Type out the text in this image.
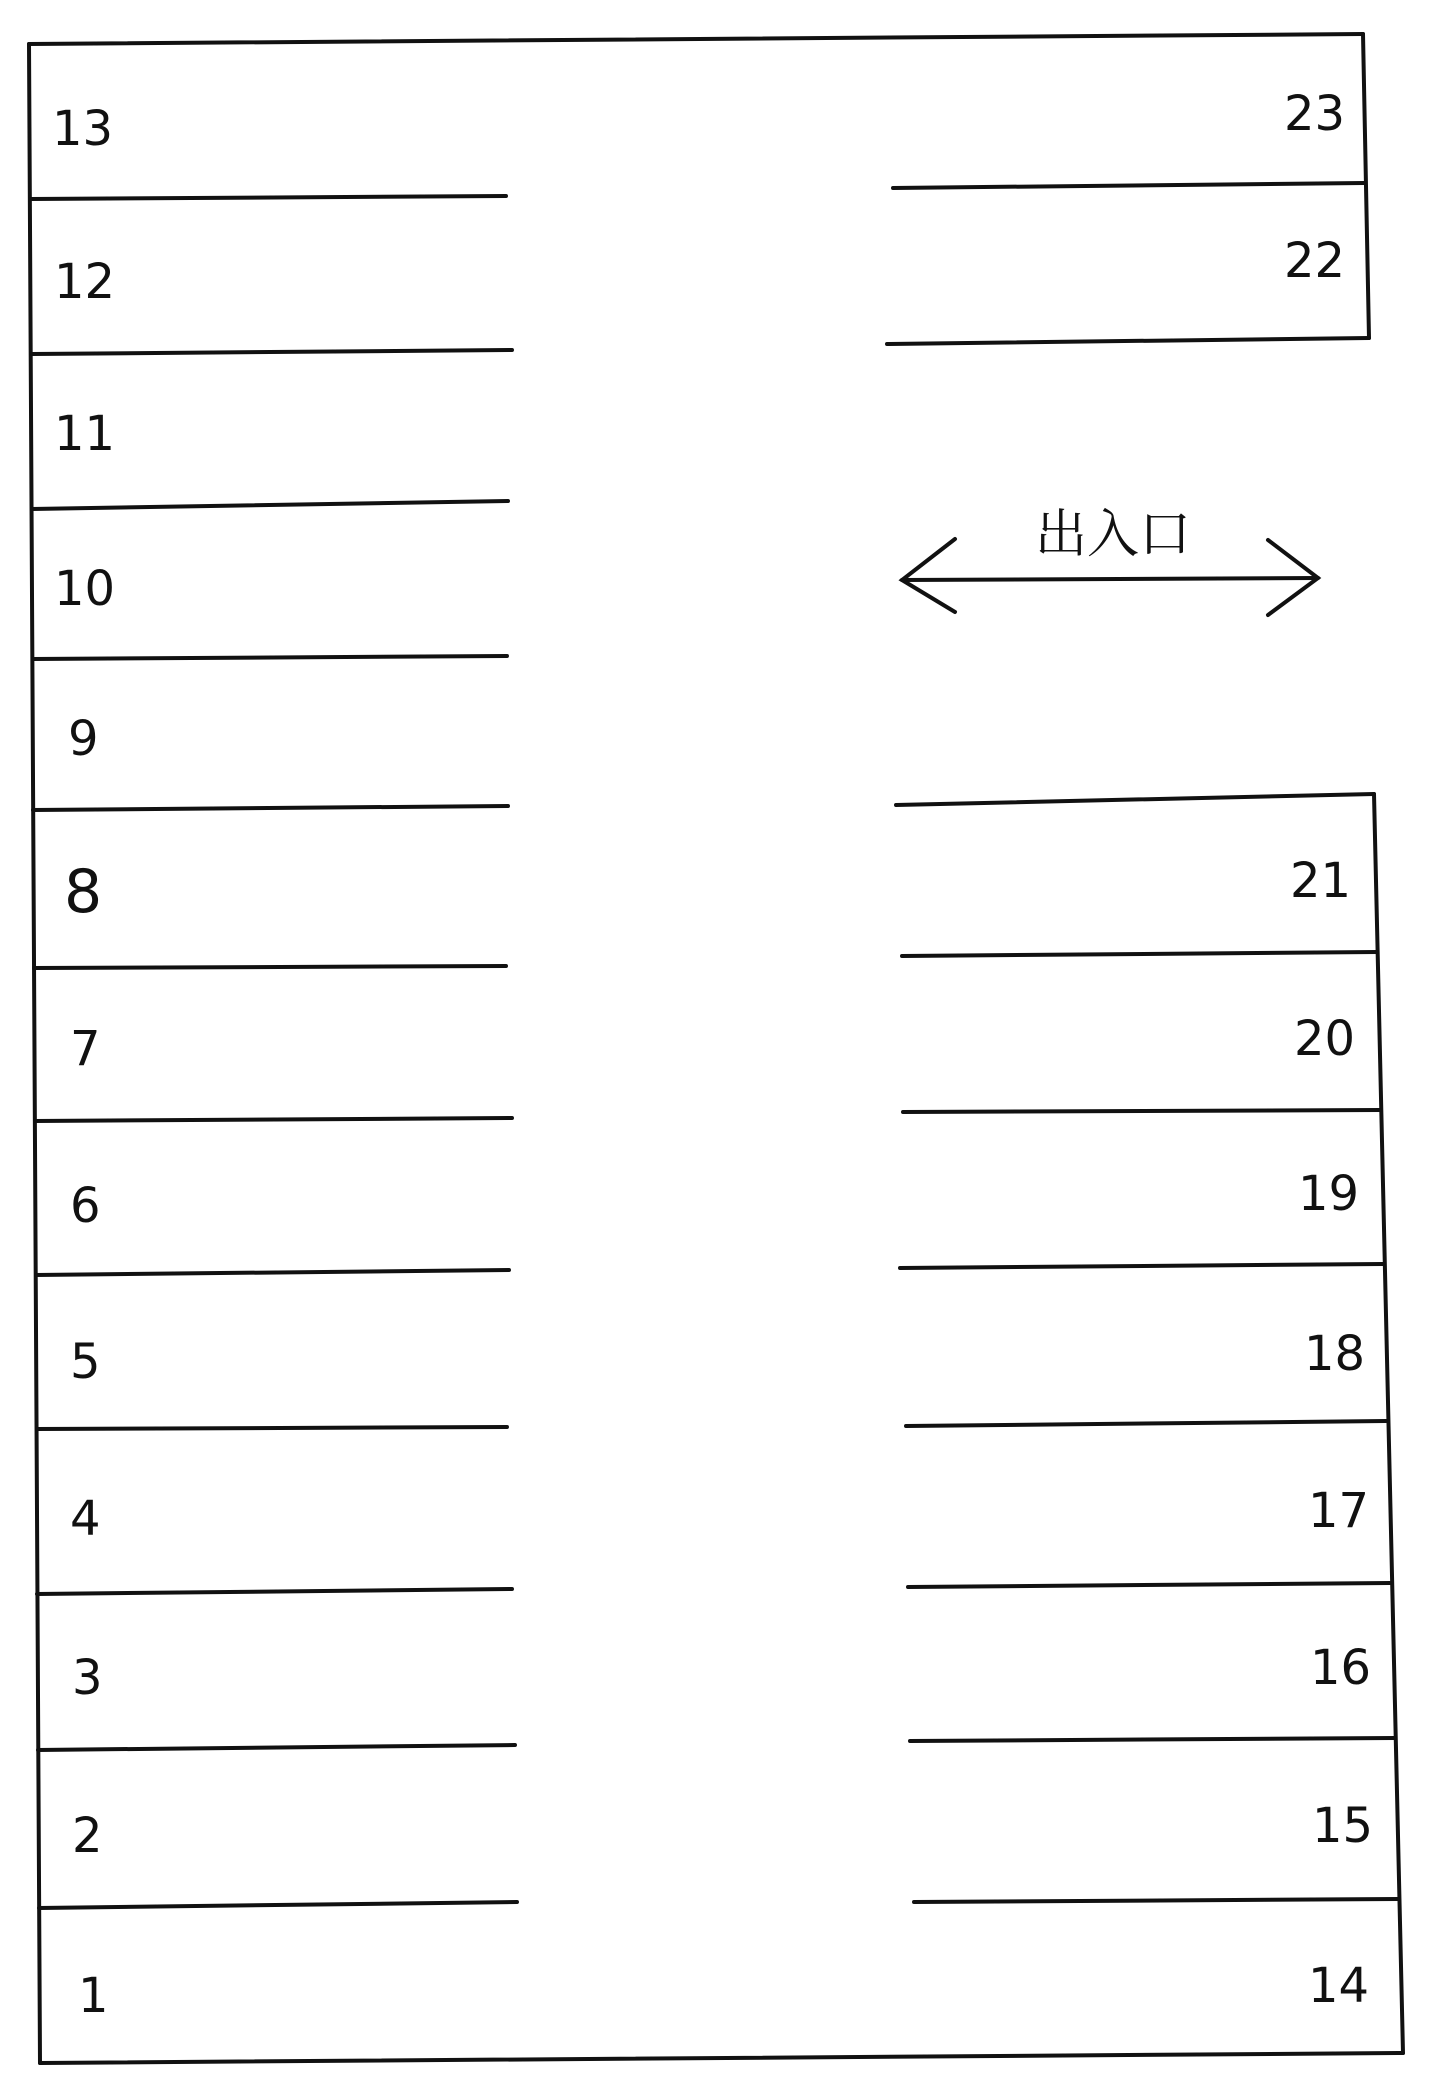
出入口
13
12
11
10
9
8
7
6
5
4
3
2
1
23
22
21
20
19
18
17
16
15
14
